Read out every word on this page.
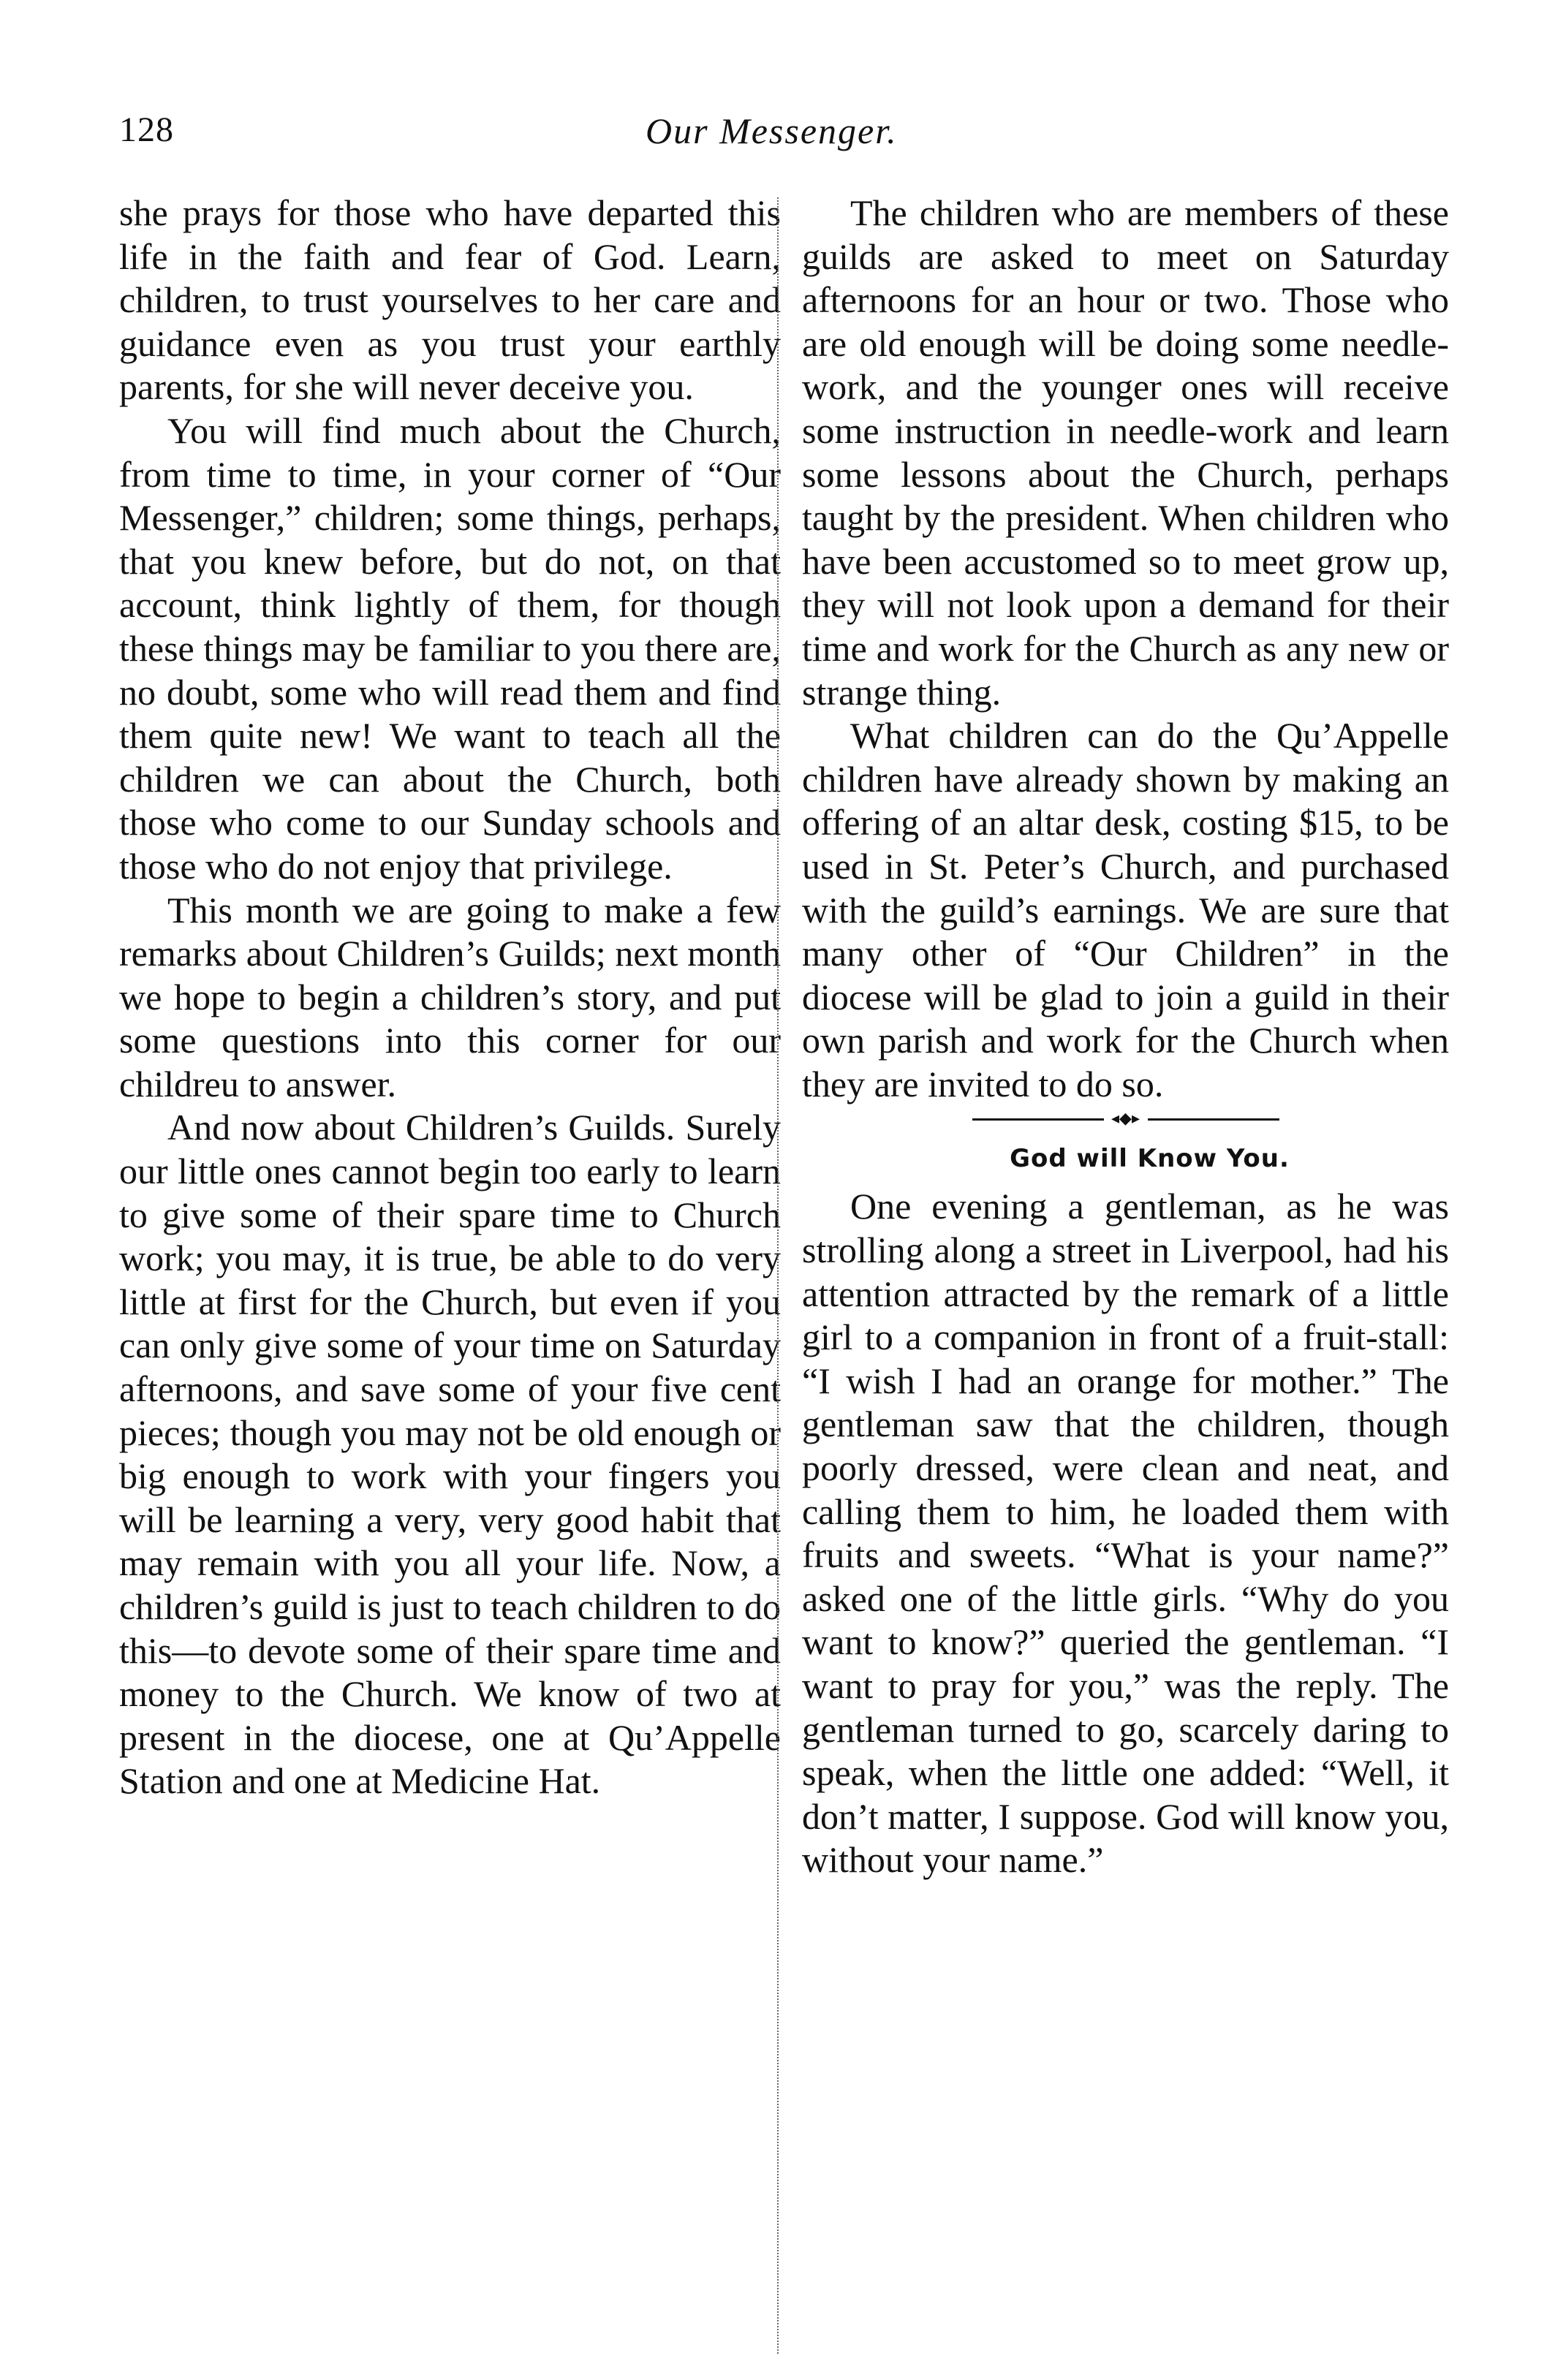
128	Our Messenger.

she prays for those who have departed this life in the faith and fear of God. Learn, children, to trust yourselves to her care and guidance even as you trust your earthly parents, for she will never deceive you.

You will find much about the Church, from time to time, in your corner of “Our Messenger,” children; some things, perhaps, that you knew before, but do not, on that account, think lightly of them, for though these things may be familiar to you there are, no doubt, some who will read them and find them quite new! We want to teach all the children we can about the Church, both those who come to our Sunday schools and those who do not enjoy that privilege.

This month we are going to make a few remarks about Children’s Guilds; next month we hope to begin a children’s story, and put some questions into this corner for our childreu to answer.

And now about Children’s Guilds. Surely our little ones cannot begin too early to learn to give some of their spare time to Church work; you may, it is true, be able to do very little at first for the Church, but even if you can only give some of your time on Saturday afternoons, and save some of your five cent pieces; though you may not be old enough or big enough to work with your fingers you will be learning a very, very good habit that may remain with you all your life. Now, a children’s guild is just to teach children to do this—to devote some of their spare time and money to the Church. We know of two at present in the diocese, one at Qu’Appelle Station and one at Medicine Hat.

The children who are members of these guilds are asked to meet on Saturday afternoons for an hour or two. Those who are old enough will be doing some needle-work, and the younger ones will receive some instruction in needle-work and learn some lessons about the Church, perhaps taught by the president. When children who have been accustomed so to meet grow up, they will not look upon a demand for their time and work for the Church as any new or strange thing.

What children can do the Qu’Appelle children have already shown by making an offering of an altar desk, costing $15, to be used in St. Peter’s Church, and purchased with the guild’s earnings. We are sure that many other of “Our Children” in the diocese will be glad to join a guild in their own parish and work for the Church when they are invited to do so.

◂◆▸

God will Know You.

One evening a gentleman, as he was strolling along a street in Liverpool, had his attention attracted by the remark of a little girl to a companion in front of a fruit-stall: “I wish I had an orange for mother.” The gentleman saw that the children, though poorly dressed, were clean and neat, and calling them to him, he loaded them with fruits and sweets. “What is your name?” asked one of the little girls. “Why do you want to know?” queried the gentleman. “I want to pray for you,” was the reply. The gentleman turned to go, scarcely daring to speak, when the little one added: “Well, it don’t matter, I suppose. God will know you, without your name.”
